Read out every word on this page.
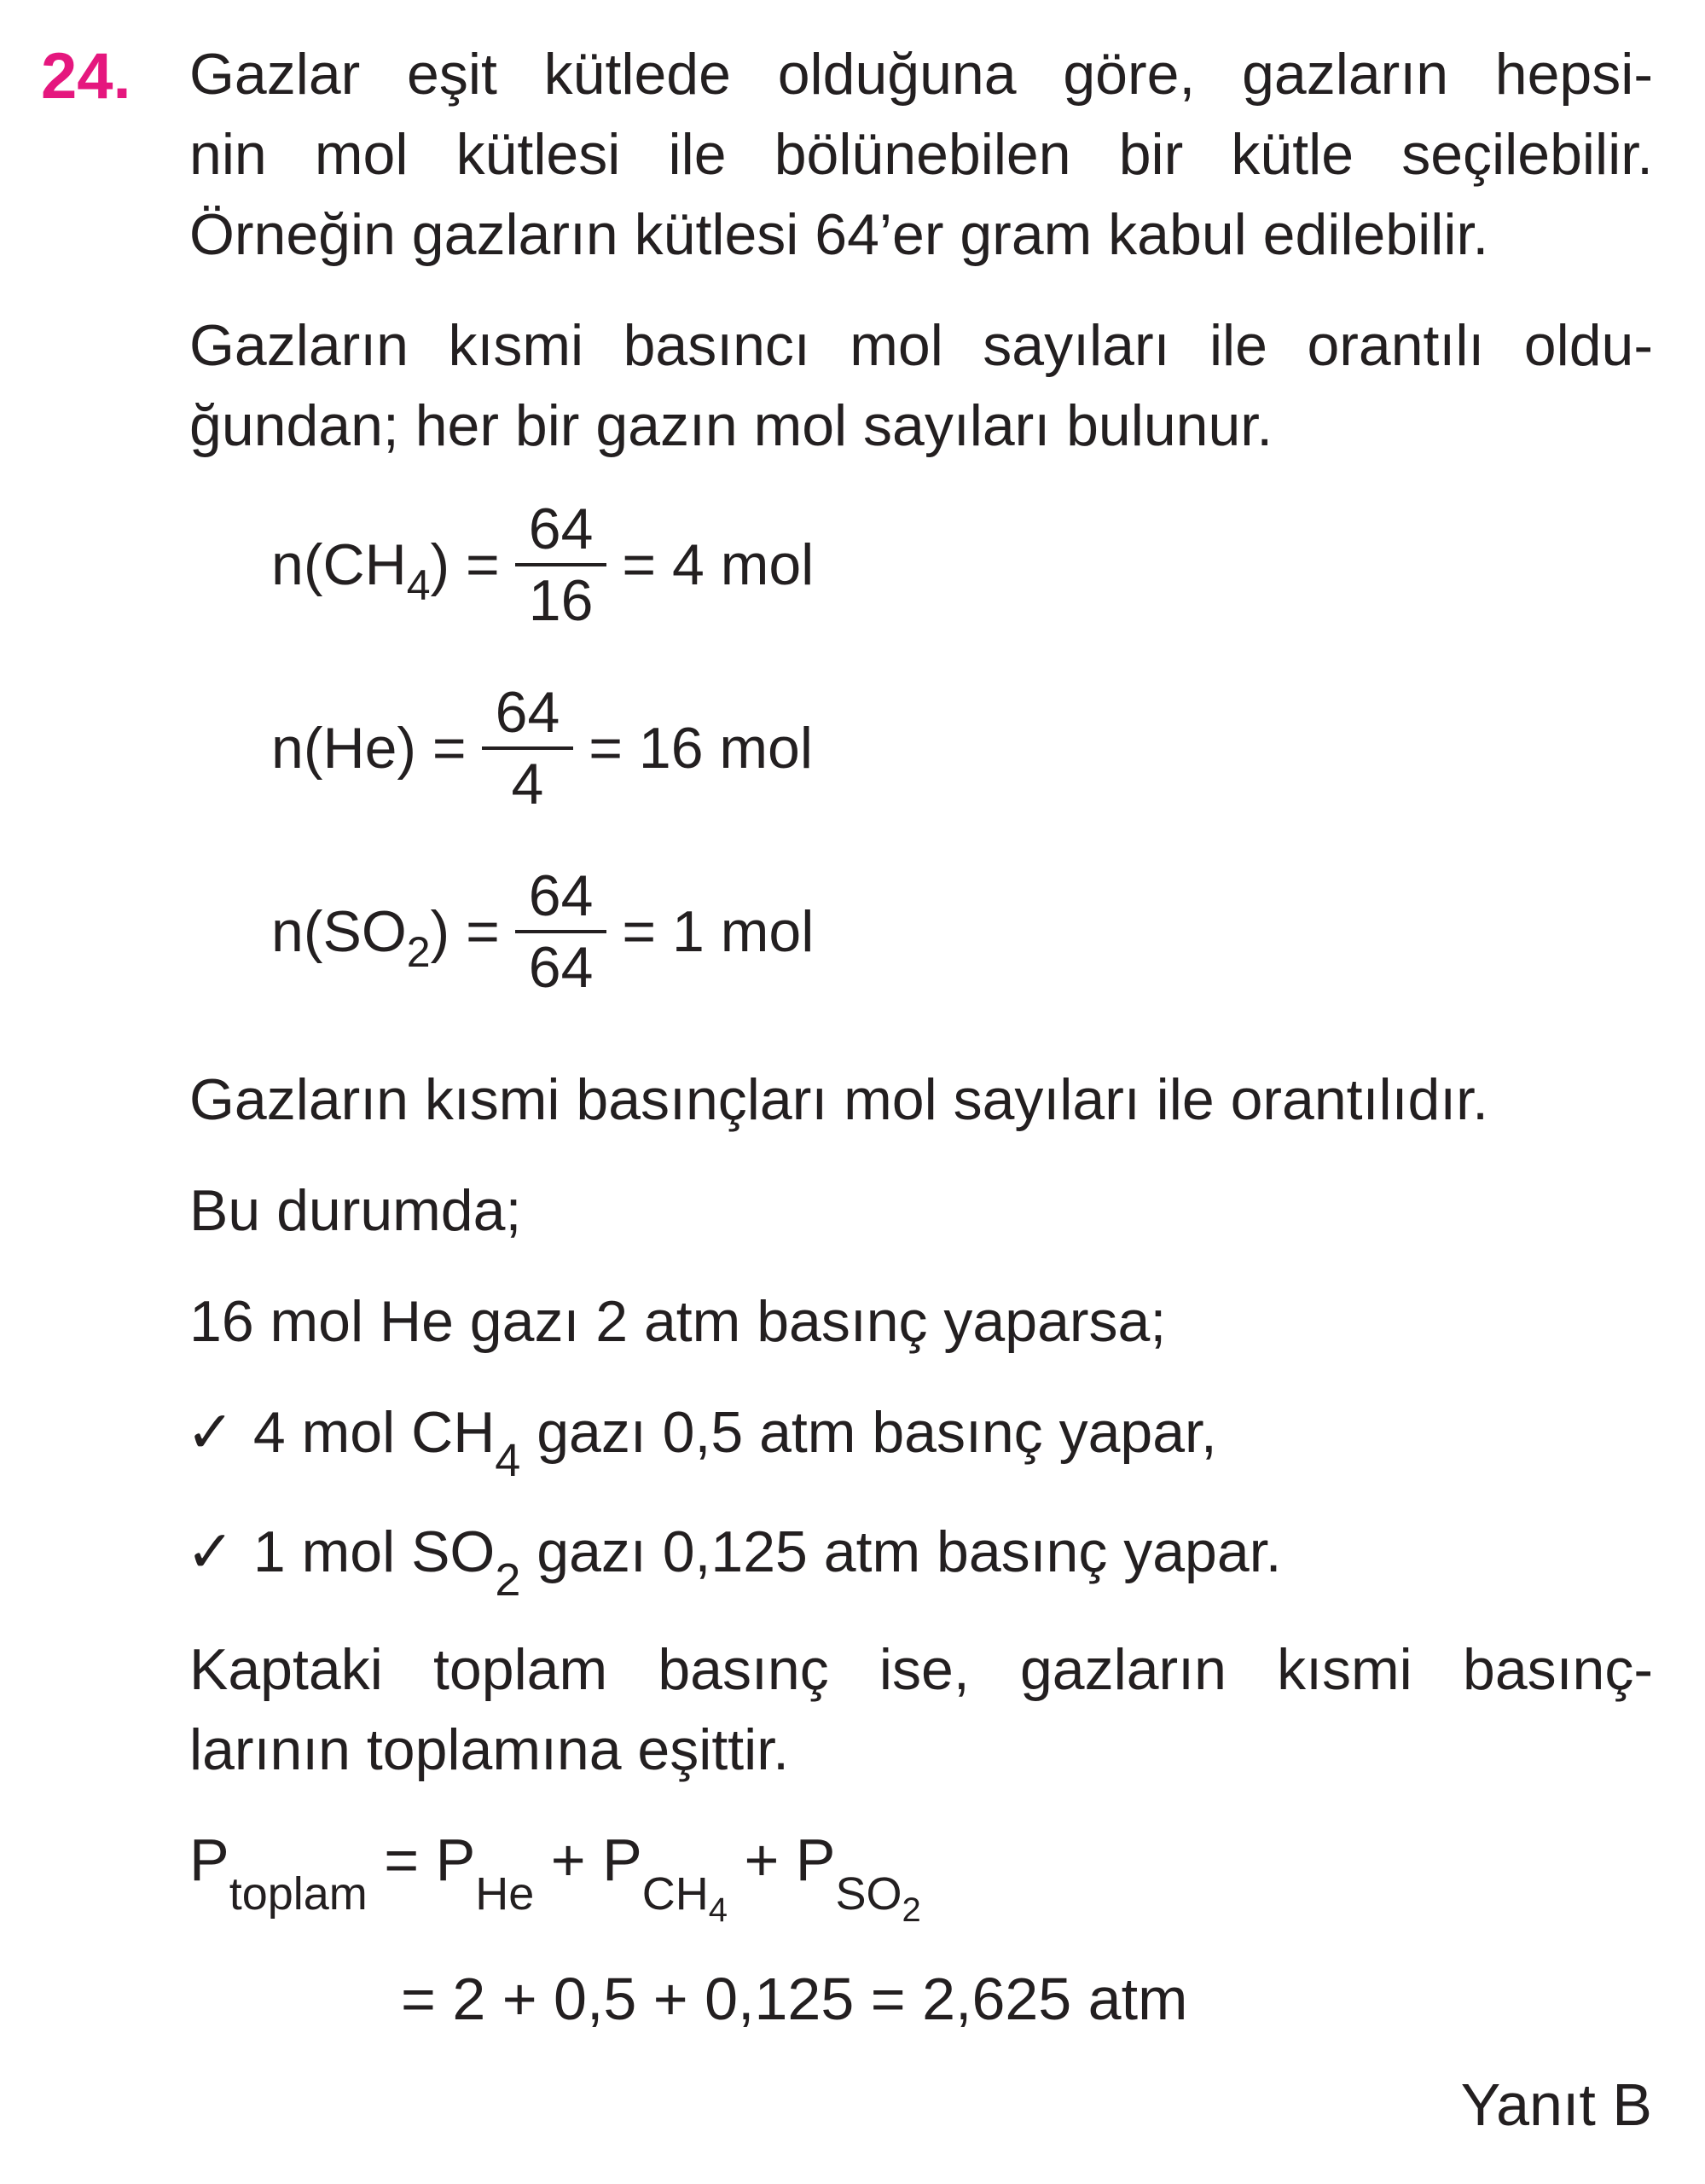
24. Gazlar eşit kütlede olduğuna göre, gazların hepsi-
nin mol kütlesi ile bölünebilen bir kütle seçilebilir.
Örneğin gazların kütlesi 64’er gram kabul edilebilir.
Gazların kısmi basıncı mol sayıları ile orantılı oldu-
ğundan; her bir gazın mol sayıları bulunur.
$n(CH_4) = \frac{64}{16} = 4$ mol
$n(He) = \frac{64}{4} = 16$ mol
$n(SO_2) = \frac{64}{64} = 1$ mol
Gazların kısmi basınçları mol sayıları ile orantılıdır.
Bu durumda;
16 mol He gazı 2 atm basınç yaparsa;
✓ 4 mol $CH_4$ gazı 0,5 atm basınç yapar,
✓ 1 mol $SO_2$ gazı 0,125 atm basınç yapar.
Kaptaki toplam basınç ise, gazların kısmi basınç-
larının toplamına eşittir.
$P_{toplam} = P_{He} + P_{CH_4} + P_{SO_2}$
= 2 + 0,5 + 0,125 = 2,625 atm
Yanıt B
